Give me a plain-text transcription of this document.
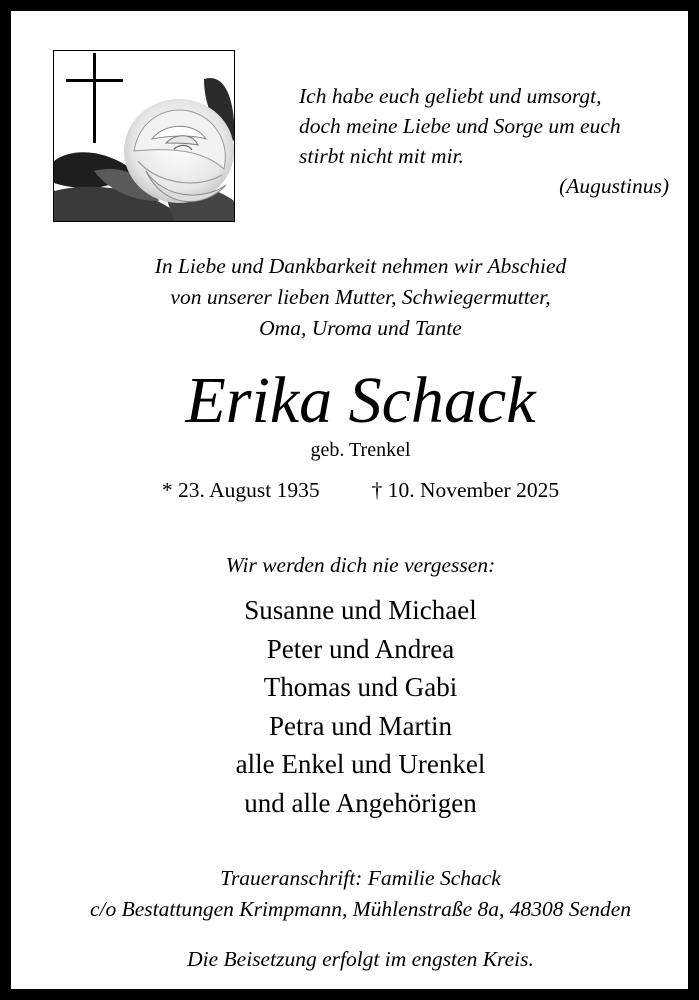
Ich habe euch geliebt und umsorgt,
doch meine Liebe und Sorge um euch
stirbt nicht mit mir.
(Augustinus)
In Liebe und Dankbarkeit nehmen wir Abschied
von unserer lieben Mutter, Schwiegermutter,
Oma, Uroma und Tante
Erika Schack
geb. Trenkel
* 23. August 1935 † 10. November 2025
Wir werden dich nie vergessen:
Susanne und Michael
Peter und Andrea
Thomas und Gabi
Petra und Martin
alle Enkel und Urenkel
und alle Angehörigen
Traueranschrift: Familie Schack
c/o Bestattungen Krimpmann, Mühlenstraße 8a, 48308 Senden
Die Beisetzung erfolgt im engsten Kreis.
